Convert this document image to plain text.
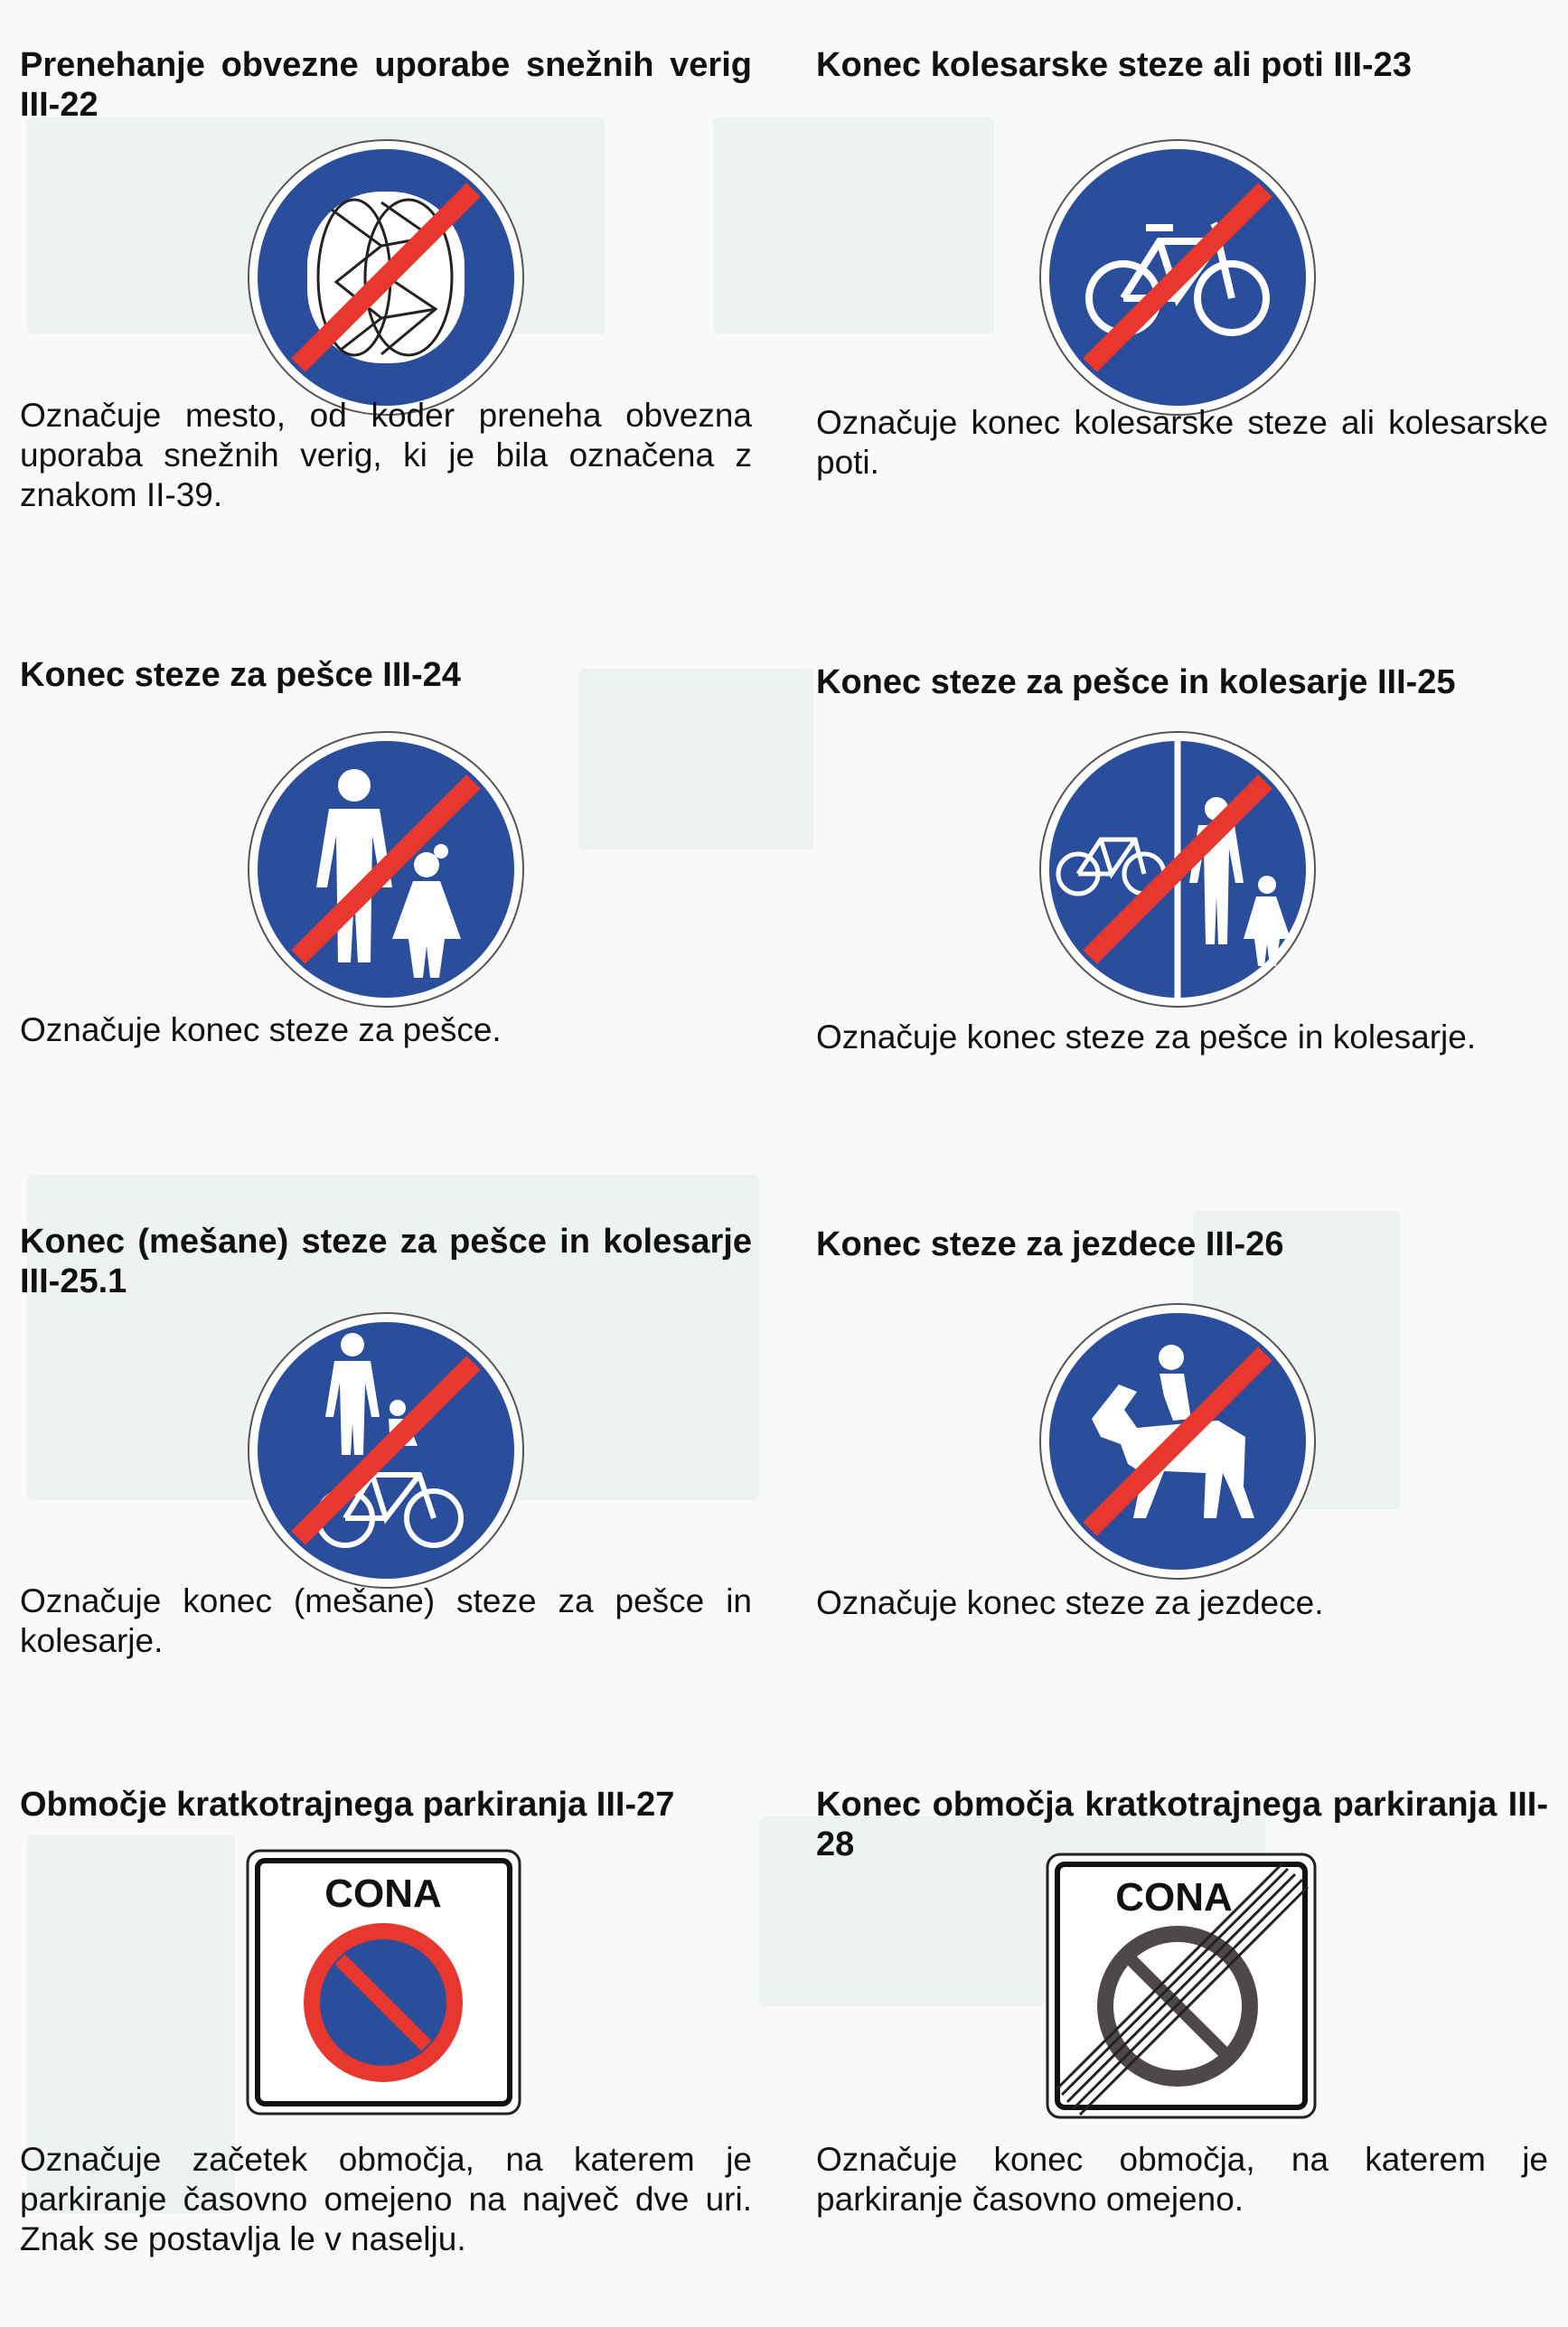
Prenehanje obvezne uporabe snežnih verig III-22

Označuje mesto, od koder preneha obvezna uporaba snežnih verig, ki je bila označena z znakom II-39.

Konec kolesarske steze ali poti III-23

Označuje konec kolesarske steze ali kolesarske poti.

Konec steze za pešce III-24

Označuje konec steze za pešce.

Konec steze za pešce in kolesarje III-25

Označuje konec steze za pešce in kolesarje.

Konec (mešane) steze za pešce in kolesarje III-25.1

Označuje konec (mešane) steze za pešce in kolesarje.

Konec steze za jezdece III-26

Označuje konec steze za jezdece.

Območje kratkotrajnega parkiranja III-27
CONA

Označuje začetek območja, na katerem je parkiranje časovno omejeno na največ dve uri. Znak se postavlja le v naselju.

Konec območja kratkotrajnega parkiranja III-28
CONA

Označuje konec območja, na katerem je parkiranje časovno omejeno.
